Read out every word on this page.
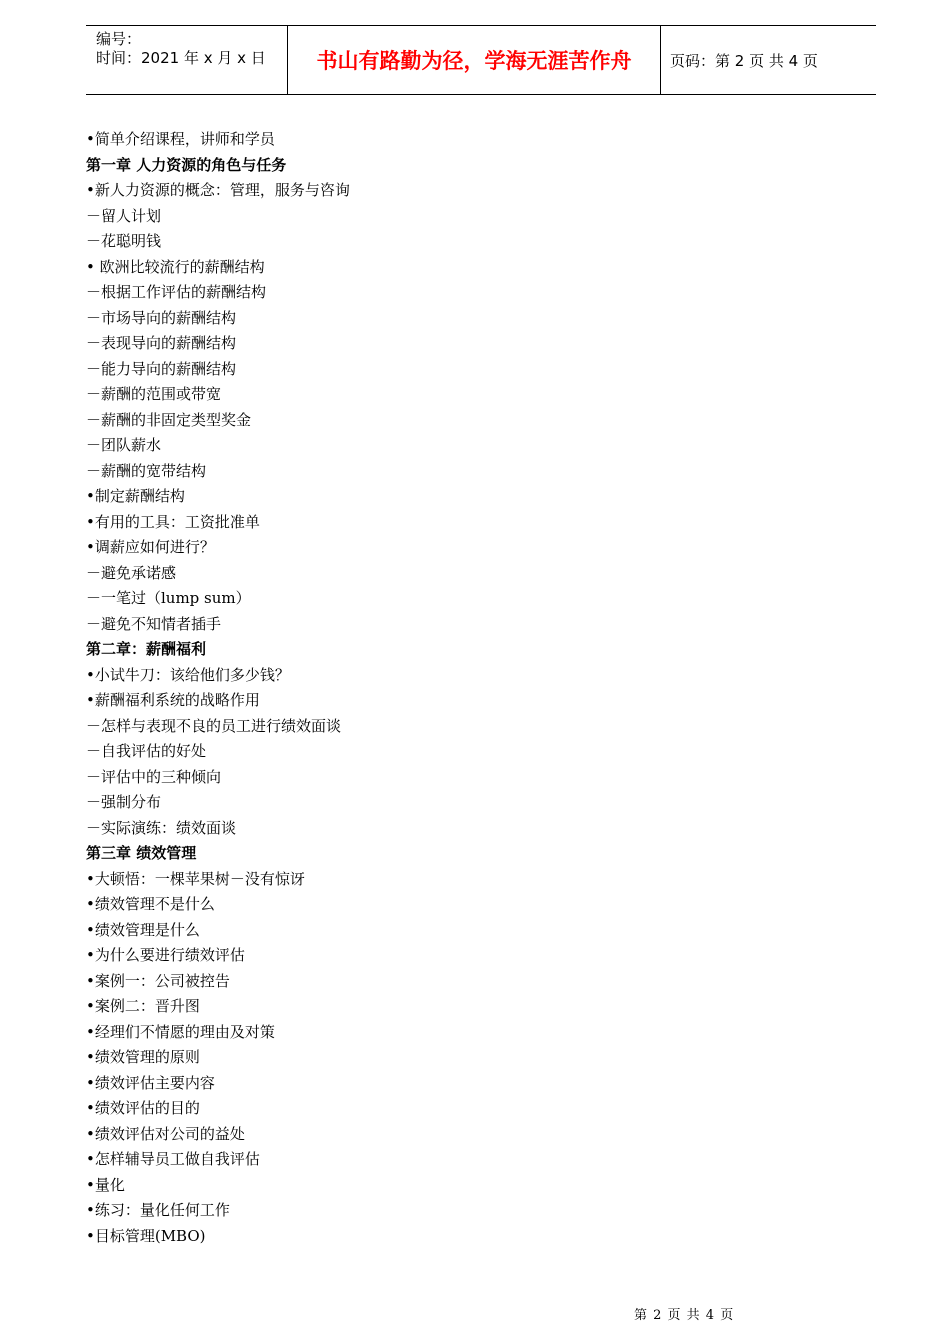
编号：
时间：2021 年 x 月 x 日	书山有路勤为径，学海无涯苦作舟	页码：第 2 页 共 4 页
•简单介绍课程，讲师和学员
第一章 人力资源的角色与任务
•新人力资源的概念：管理，服务与咨询
－留人计划
－花聪明钱
• 欧洲比较流行的薪酬结构
－根据工作评估的薪酬结构
－市场导向的薪酬结构
－表现导向的薪酬结构
－能力导向的薪酬结构
－薪酬的范围或带宽
－薪酬的非固定类型奖金
－团队薪水
－薪酬的宽带结构
•制定薪酬结构
•有用的工具：工资批准单
•调薪应如何进行？
－避免承诺感
－一笔过（lump sum）
－避免不知情者插手
第二章：薪酬福利
•小试牛刀：该给他们多少钱？
•薪酬福利系统的战略作用
－怎样与表现不良的员工进行绩效面谈
－自我评估的好处
－评估中的三种倾向
－强制分布
－实际演练：绩效面谈
第三章 绩效管理
•大顿悟：一棵苹果树－没有惊讶
•绩效管理不是什么
•绩效管理是什么
•为什么要进行绩效评估
•案例一：公司被控告
•案例二：晋升图
•经理们不情愿的理由及对策
•绩效管理的原则
•绩效评估主要内容
•绩效评估的目的
•绩效评估对公司的益处
•怎样辅导员工做自我评估
•量化
•练习：量化任何工作
•目标管理(MBO)
第 2 页 共 4 页
